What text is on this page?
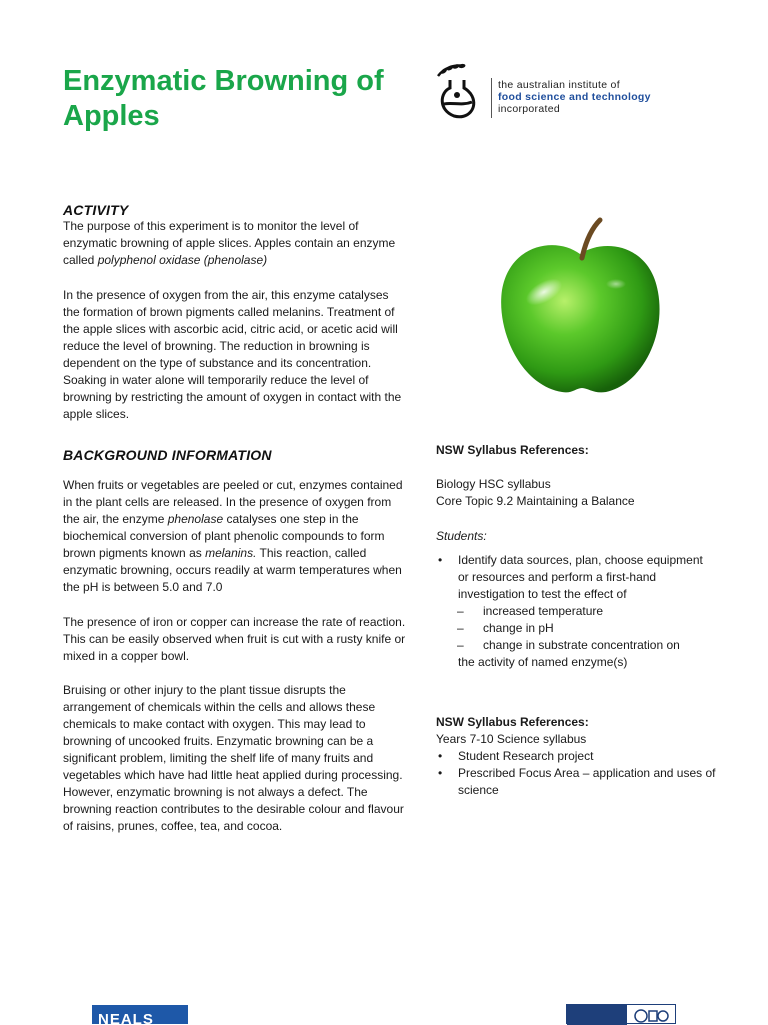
Enzymatic Browning of Apples
the australian institute of
food science and technology
incorporated
ACTIVITY

The purpose of this experiment is to monitor the level of enzymatic browning of apple slices. Apples contain an enzyme called polyphenol oxidase (phenolase)

In the presence of oxygen from the air, this enzyme catalyses the formation of brown pigments called melanins. Treatment of the apple slices with ascorbic acid, citric acid, or acetic acid will reduce the level of browning. The reduction in browning is dependent on the type of substance and its concentration. Soaking in water alone will temporarily reduce the level of browning by restricting the amount of oxygen in contact with the apple slices.

BACKGROUND INFORMATION

When fruits or vegetables are peeled or cut, enzymes contained in the plant cells are released. In the presence of oxygen from the air, the enzyme phenolase catalyses one step in the biochemical conversion of plant phenolic compounds to form brown pigments known as melanins. This reaction, called enzymatic browning, occurs readily at warm temperatures when the pH is between 5.0 and 7.0

The presence of iron or copper can increase the rate of reaction. This can be easily observed when fruit is cut with a rusty knife or mixed in a copper bowl.

Bruising or other injury to the plant tissue disrupts the arrangement of chemicals within the cells and allows these chemicals to make contact with oxygen. This may lead to browning of uncooked fruits. Enzymatic browning can be a significant problem, limiting the shelf life of many fruits and vegetables which have had little heat applied during processing. However, enzymatic browning is not always a defect. The browning reaction contributes to the desirable colour and flavour of raisins, prunes, coffee, tea, and cocoa.

NSW Syllabus References:
Biology HSC syllabus
Core Topic 9.2 Maintaining a Balance
Students:
• Identify data sources, plan, choose equipment or resources and perform a first-hand investigation to test the effect of
– increased temperature
– change in pH
– change in substrate concentration on
the activity of named enzyme(s)
NSW Syllabus References:
Years 7-10 Science syllabus
• Student Research project
• Prescribed Focus Area – application and uses of science
NEALS
